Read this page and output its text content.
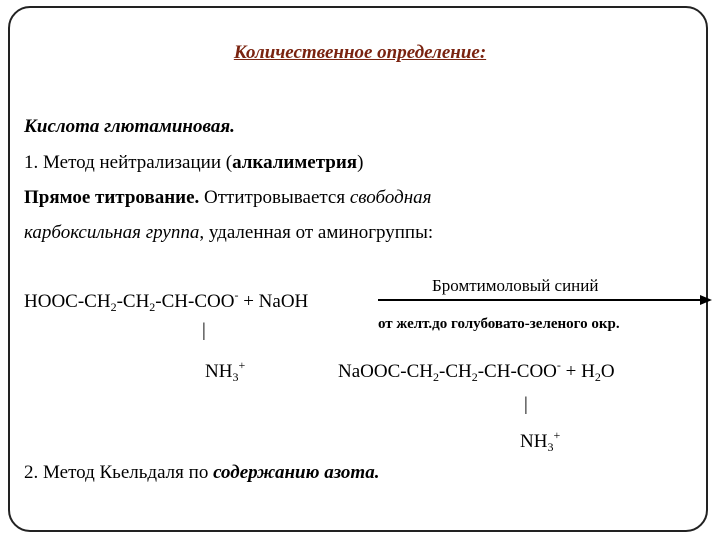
Количественное определение:
Кислота глютаминовая.
1. Метод нейтрализации (алкалиметрия)
Прямое титрование. Оттитровывается свободная
карбоксильная группа, удаленная от аминогруппы:
HOOC-$CH_2-CH_2-CH-COO^-$ + NaOH
Бромтимоловый синий
от желт.до голубовато-зеленого окр.
|
$NH_3^+$	NaOOC-$CH_2-CH_2-CH-COO^- + H_2O$
|
$NH_3^+$
2. Метод Кьельдаля по содержанию азота.
